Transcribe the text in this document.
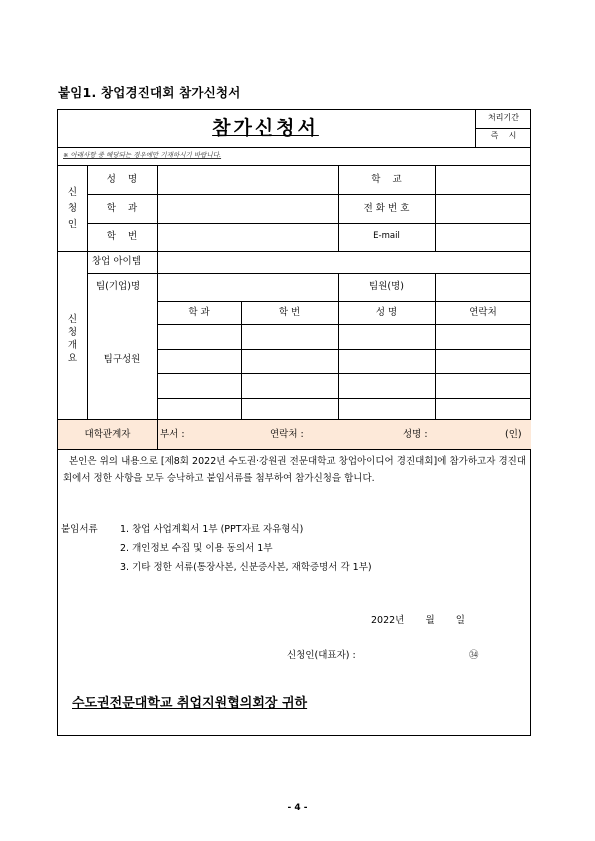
붙임1. 창업경진대회 참가신청서
참가신청서	처리기간
즉    시
※ 아래사항 중 해당되는 경우에만 기재하시기 바랍니다.
신
청
인
성    명	학    교
학    과	전 화 번 호
학    번	E-mail
신
청
개
요
창업 아이템
팀(기업)명	팀원(명)
팀구성원
학 과	학 번	성 명	연락처
대학관계자	부서 :	연락처 :	성명 :	(인)
본인은 위의 내용으로 [제8회 2022년 수도권·강원권 전문대학교 창업아이디어 경진대회]에 참가하고자 경진대회에서 정한 사항을 모두 승낙하고 붙임서류를 첨부하여 참가신청을 합니다.
붙임서류 1. 창업 사업계획서 1부 (PPT자료 자유형식)
2. 개인정보 수집 및 이용 동의서 1부
3. 기타 정한 서류(통장사본, 신분증사본, 재학증명서 각 1부)
2022년       월       일
신청인(대표자) :	㉞
수도권전문대학교 취업지원협의회장 귀하
- 4 -
